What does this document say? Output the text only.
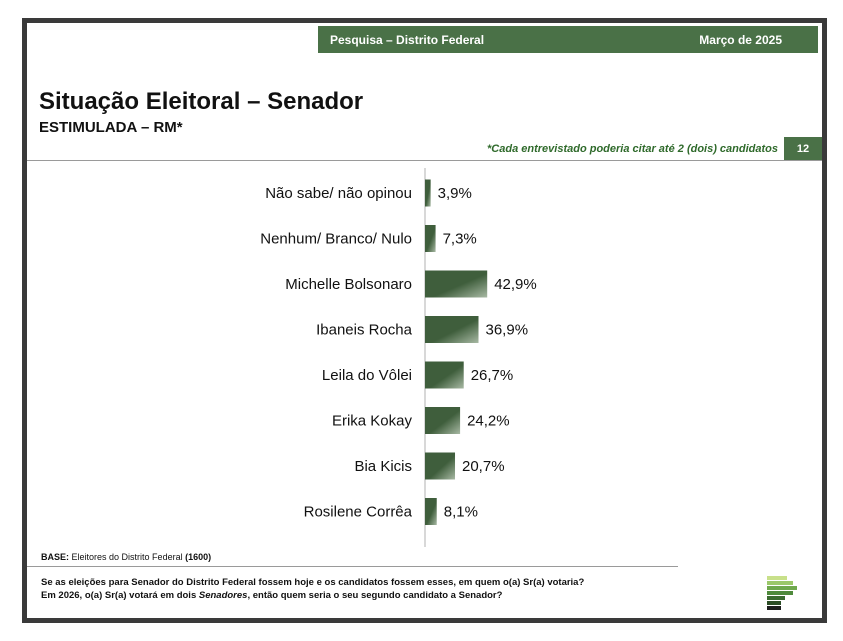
Pesquisa – Distrito Federal	Março de 2025
Situação Eleitoral – Senador
ESTIMULADA – RM*
*Cada entrevistado poderia citar até 2 (dois) candidatos	12
Não sabe/ não opinou 3,9%
Nenhum/ Branco/ Nulo 7,3%
Michelle Bolsonaro	42,9%
Ibaneis Rocha	36,9%
Leila do Vôlei	26,7%
Erika Kokay	24,2%
Bia Kicis	20,7%
Rosilene Corrêa 8,1%
BASE: Eleitores do Distrito Federal (1600)
Se as eleições para Senador do Distrito Federal fossem hoje e os candidatos fossem esses, em quem o(a) Sr(a) votaria?
Em 2026, o(a) Sr(a) votará em dois Senadores, então quem seria o seu segundo candidato a Senador?
